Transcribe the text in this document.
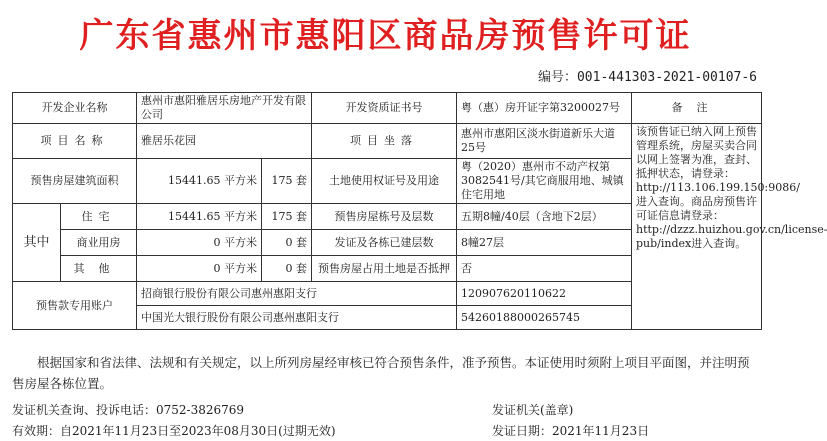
广东省惠州市惠阳区商品房预售许可证
编号：001-441303-2021-00107-6
开发企业名称		惠州市惠阳雅居乐房地产开发有限公司		开发资质证书号	粤（惠）房开证字第3200027号	备注
项目名称		雅居乐花园		项目坐落	惠州市惠阳区淡水街道新乐大道25号	该预售证已纳入网上预售管理系统，房屋买卖合同以网上签署为准，查封、抵押状态，请登录：http://113.106.199.150:9086/进入查询。商品房预售许可证信息请登录：http://dzzz.huizhou.gov.cn/license-pub/index进入查询。
预售房屋建筑面积		15441.65 平方米	175 套	土地使用权证号及用途	粤（2020）惠州市不动产权第3082541号/其它商服用地、城镇住宅用地	
其中	住宅	15441.65 平方米	175 套	预售房屋栋号及层数	五期8幢/40层（含地下2层）	
	商业用房	0 平方米	0 套	发证及各栋已建层数	8幢27层	
	其他	0 平方米	0 套	预售房屋占用土地是否抵押	否	
预售款专用账户		招商银行股份有限公司惠州惠阳支行			120907620110622	
		中国光大银行股份有限公司惠州惠阳支行			54260188000265745	
根据国家和省法律、法规和有关规定，以上所列房屋经审核已符合预售条件，准予预售。本证使用时须附上项目平面图，并注明预售房屋各栋位置。
发证机关查询、投诉电话：0752-3826769	发证机关(盖章)
有效期：自2021年11月23日至2023年08月30日(过期无效)	发证日期：2021年11月23日
